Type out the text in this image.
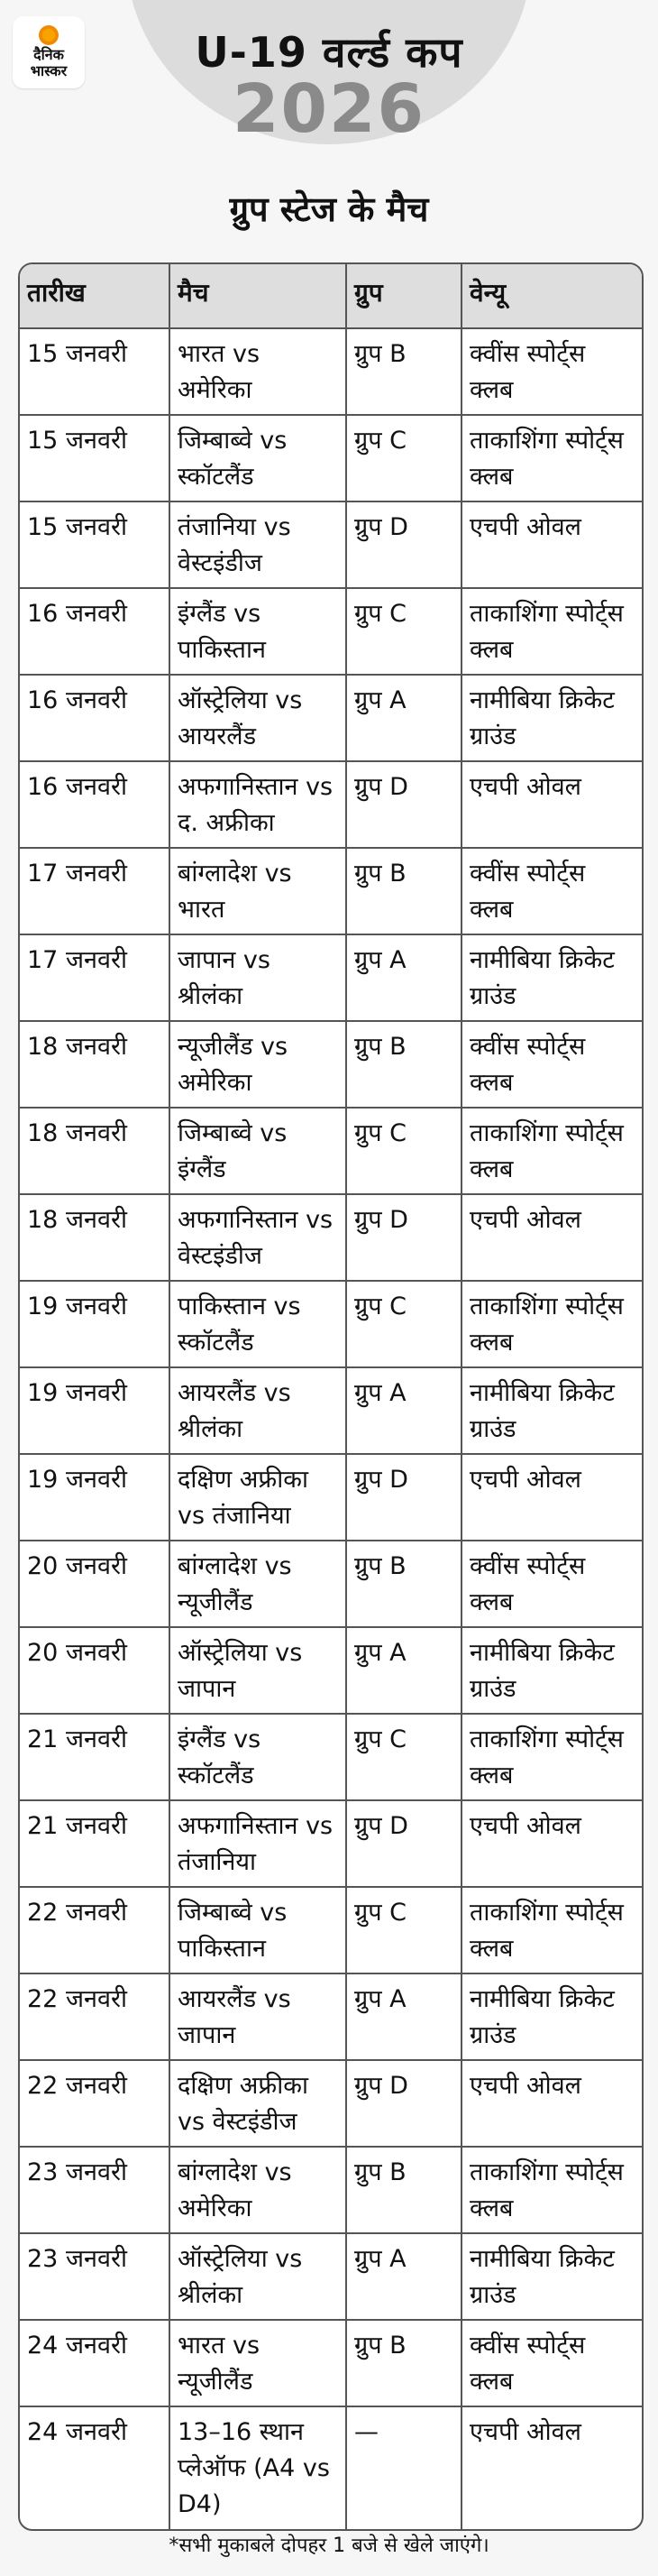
दैनिक
भास्कर	U-19 वर्ल्ड कप
2026
ग्रुप स्टेज के मैच
तारीख	मैच	ग्रुप	वेन्यू
15 जनवरी	भारत vs अमेरिका	ग्रुप B	क्वींस स्पोर्ट्स क्लब
15 जनवरी	जिम्बाब्वे vs स्कॉटलैंड	ग्रुप C	ताकाशिंगा स्पोर्ट्स क्लब
15 जनवरी	तंजानिया vs वेस्टइंडीज	ग्रुप D	एचपी ओवल
16 जनवरी	इंग्लैंड vs पाकिस्तान	ग्रुप C	ताकाशिंगा स्पोर्ट्स क्लब
16 जनवरी	ऑस्ट्रेलिया vs आयरलैंड	ग्रुप A	नामीबिया क्रिकेट ग्राउंड
16 जनवरी	अफगानिस्तान vs द. अफ्रीका	ग्रुप D	एचपी ओवल
17 जनवरी	बांग्लादेश vs भारत	ग्रुप B	क्वींस स्पोर्ट्स क्लब
17 जनवरी	जापान vs श्रीलंका	ग्रुप A	नामीबिया क्रिकेट ग्राउंड
18 जनवरी	न्यूजीलैंड vs अमेरिका	ग्रुप B	क्वींस स्पोर्ट्स क्लब
18 जनवरी	जिम्बाब्वे vs इंग्लैंड	ग्रुप C	ताकाशिंगा स्पोर्ट्स क्लब
18 जनवरी	अफगानिस्तान vs वेस्टइंडीज	ग्रुप D	एचपी ओवल
19 जनवरी	पाकिस्तान vs स्कॉटलैंड	ग्रुप C	ताकाशिंगा स्पोर्ट्स क्लब
19 जनवरी	आयरलैंड vs श्रीलंका	ग्रुप A	नामीबिया क्रिकेट ग्राउंड
19 जनवरी	दक्षिण अफ्रीका vs तंजानिया	ग्रुप D	एचपी ओवल
20 जनवरी	बांग्लादेश vs न्यूजीलैंड	ग्रुप B	क्वींस स्पोर्ट्स क्लब
20 जनवरी	ऑस्ट्रेलिया vs जापान	ग्रुप A	नामीबिया क्रिकेट ग्राउंड
21 जनवरी	इंग्लैंड vs स्कॉटलैंड	ग्रुप C	ताकाशिंगा स्पोर्ट्स क्लब
21 जनवरी	अफगानिस्तान vs तंजानिया	ग्रुप D	एचपी ओवल
22 जनवरी	जिम्बाब्वे vs पाकिस्तान	ग्रुप C	ताकाशिंगा स्पोर्ट्स क्लब
22 जनवरी	आयरलैंड vs जापान	ग्रुप A	नामीबिया क्रिकेट ग्राउंड
22 जनवरी	दक्षिण अफ्रीका vs वेस्टइंडीज	ग्रुप D	एचपी ओवल
23 जनवरी	बांग्लादेश vs अमेरिका	ग्रुप B	ताकाशिंगा स्पोर्ट्स क्लब
23 जनवरी	ऑस्ट्रेलिया vs श्रीलंका	ग्रुप A	नामीबिया क्रिकेट ग्राउंड
24 जनवरी	भारत vs न्यूजीलैंड	ग्रुप B	क्वींस स्पोर्ट्स क्लब
24 जनवरी	13–16 स्थान प्लेऑफ (A4 vs D4)	—	एचपी ओवल
*सभी मुकाबले दोपहर 1 बजे से खेले जाएंगे।
